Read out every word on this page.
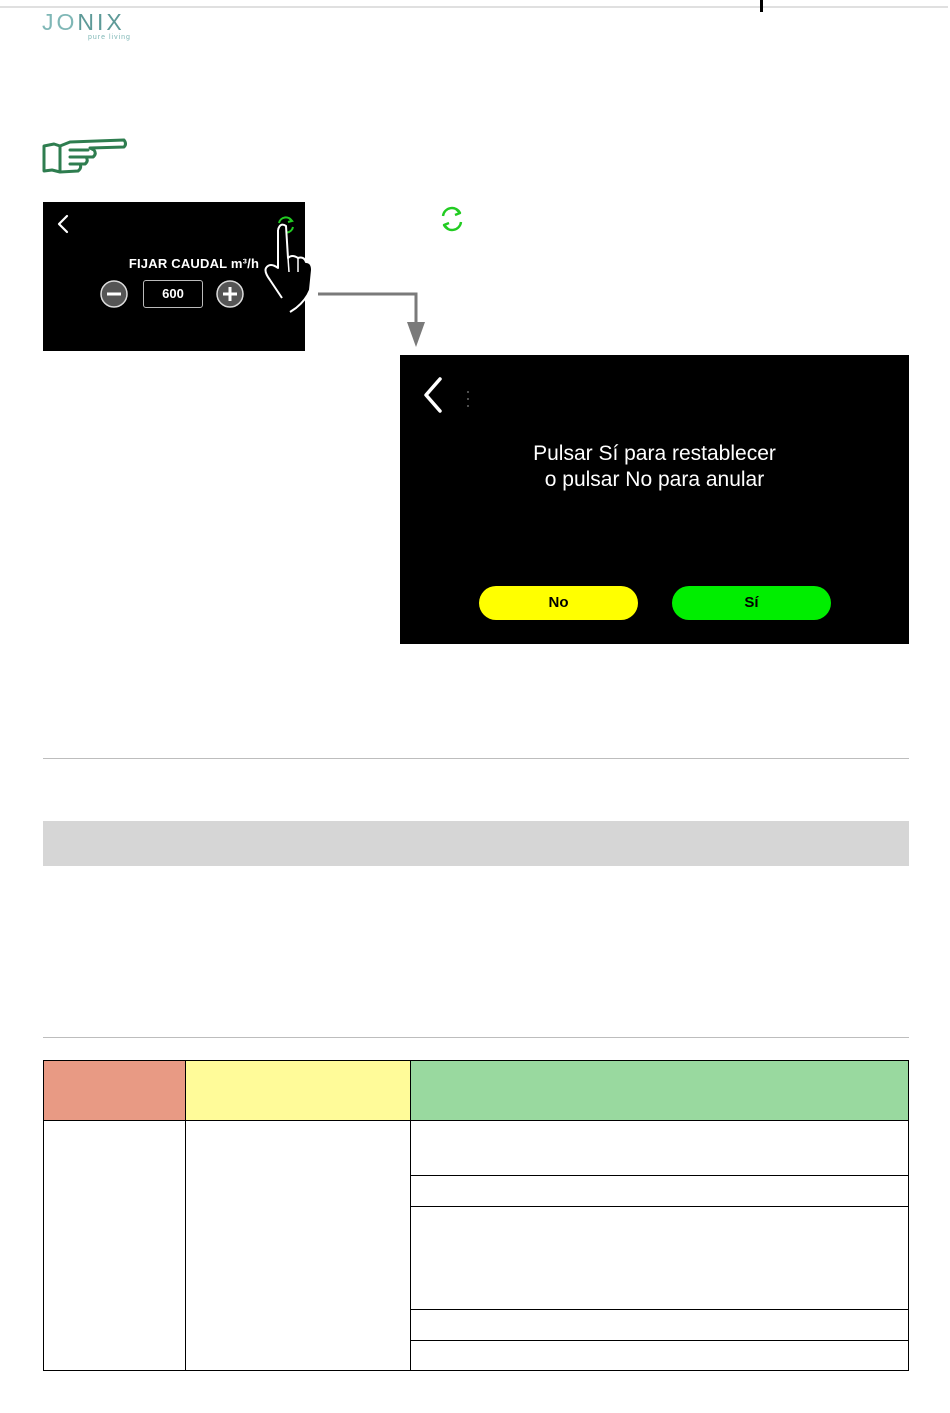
JONIX
pure living
FIJAR CAUDAL m³/h
600
Pulsar Sí para restablecer
o pulsar No para anular
No	Sí
